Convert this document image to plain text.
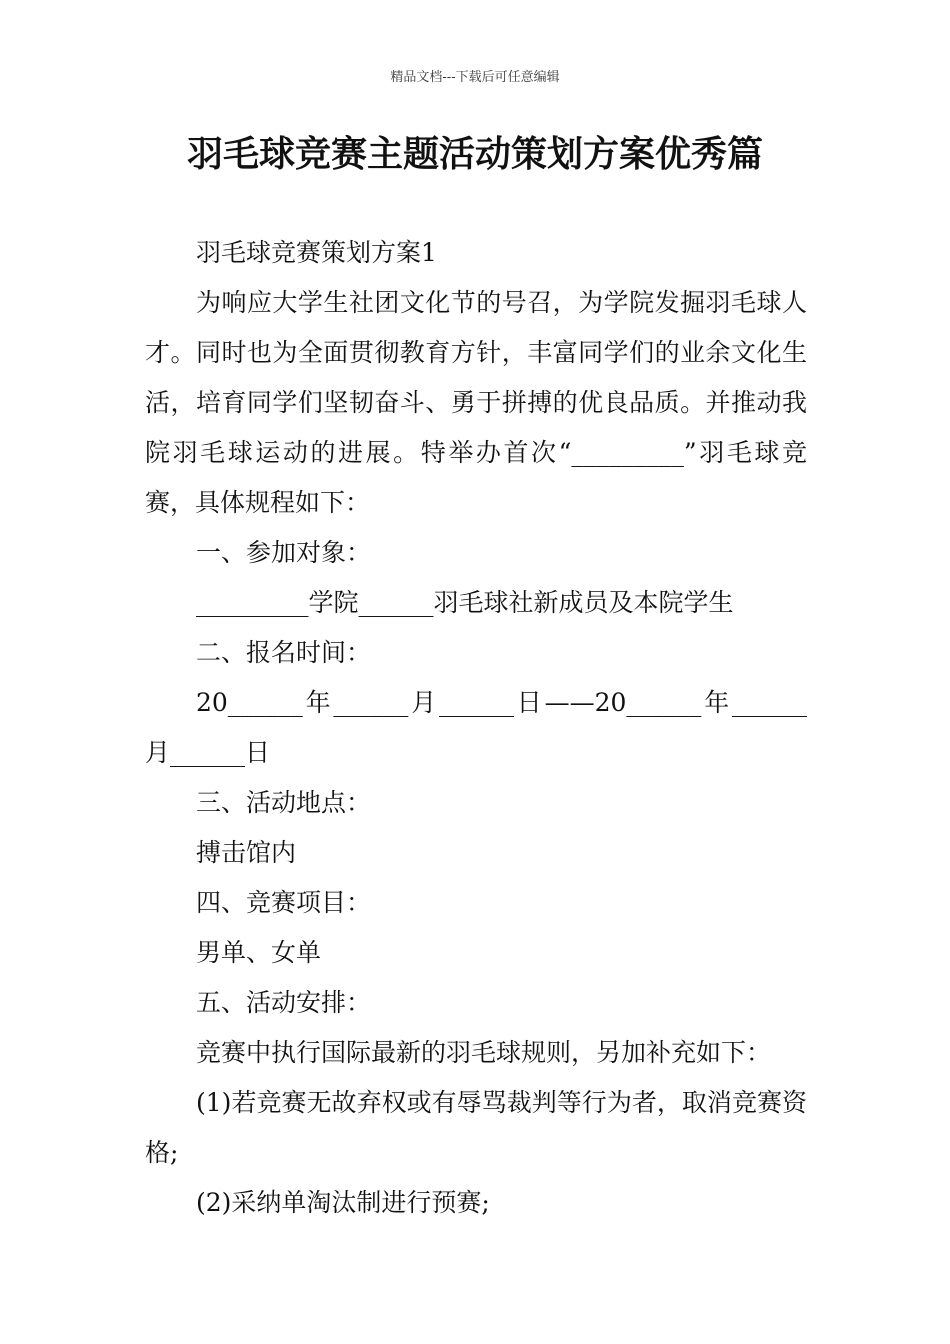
精品文档---下载后可任意编辑
羽毛球竞赛主题活动策划方案优秀篇

羽毛球竞赛策划方案1

为响应大学生社团文化节的号召，为学院发掘羽毛球人才。同时也为全面贯彻教育方针，丰富同学们的业余文化生活，培育同学们坚韧奋斗、勇于拼搏的优良品质。并推动我院羽毛球运动的进展。特举办首次“_________”羽毛球竞赛，具体规程如下：

一、参加对象：

_________学院______羽毛球社新成员及本院学生

二、报名时间：

20______年______月______日——20______年______月______日

三、活动地点：

搏击馆内

四、竞赛项目：

男单、女单

五、活动安排：

竞赛中执行国际最新的羽毛球规则，另加补充如下：

(1)若竞赛无故弃权或有辱骂裁判等行为者，取消竞赛资格;

(2)采纳单淘汰制进行预赛;
